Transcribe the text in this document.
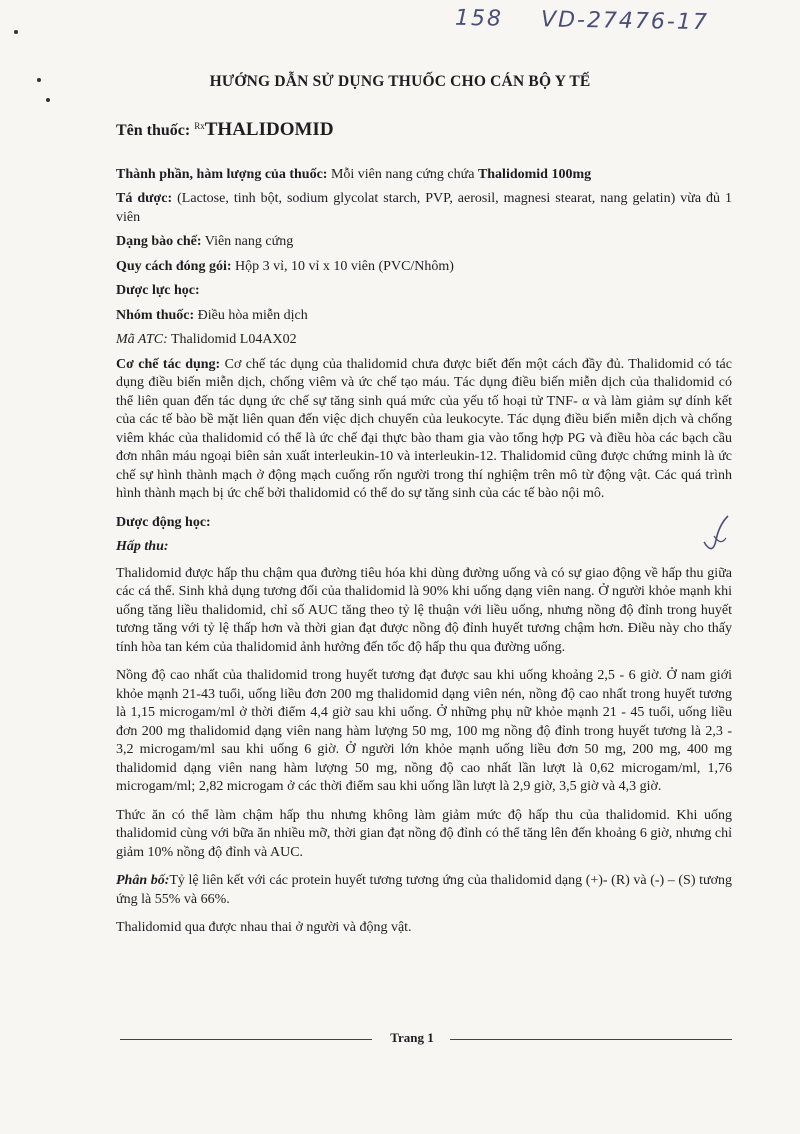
158 VD-27476-17
HƯỚNG DẪN SỬ DỤNG THUỐC CHO CÁN BỘ Y TẾ
Tên thuốc: $^{Rx}$THALIDOMID

Thành phần, hàm lượng của thuốc: Mỗi viên nang cứng chứa Thalidomid 100mg

Tá dược: (Lactose, tinh bột, sodium glycolat starch, PVP, aerosil, magnesi stearat, nang gelatin) vừa đủ 1 viên

Dạng bào chế: Viên nang cứng

Quy cách đóng gói: Hộp 3 vỉ, 10 vỉ x 10 viên (PVC/Nhôm)

Dược lực học:

Nhóm thuốc: Điều hòa miễn dịch

Mã ATC: Thalidomid L04AX02

Cơ chế tác dụng: Cơ chế tác dụng của thalidomid chưa được biết đến một cách đầy đủ. Thalidomid có tác dụng điều biến miễn dịch, chống viêm và ức chế tạo máu. Tác dụng điều biến miễn dịch của thalidomid có thể liên quan đến tác dụng ức chế sự tăng sinh quá mức của yếu tố hoại tử TNF- α và làm giảm sự dính kết của các tế bào bề mặt liên quan đến việc dịch chuyển của leukocyte. Tác dụng điều biến miễn dịch và chống viêm khác của thalidomid có thể là ức chế đại thực bào tham gia vào tổng hợp PG và điều hòa các bạch cầu đơn nhân máu ngoại biên sản xuất interleukin-10 và interleukin-12. Thalidomid cũng được chứng minh là ức chế sự hình thành mạch ở động mạch cuống rốn người trong thí nghiệm trên mô từ động vật. Các quá trình hình thành mạch bị ức chế bởi thalidomid có thể do sự tăng sinh của các tế bào nội mô.

Dược động học:

Hấp thu:

Thalidomid được hấp thu chậm qua đường tiêu hóa khi dùng đường uống và có sự giao động về hấp thu giữa các cá thể. Sinh khả dụng tương đối của thalidomid là 90% khi uống dạng viên nang. Ở người khỏe mạnh khi uống tăng liều thalidomid, chỉ số AUC tăng theo tỷ lệ thuận với liều uống, nhưng nồng độ đỉnh trong huyết tương tăng với tỷ lệ thấp hơn và thời gian đạt được nồng độ đỉnh huyết tương chậm hơn. Điều này cho thấy tính hòa tan kém của thalidomid ảnh hưởng đến tốc độ hấp thu qua đường uống.

Nồng độ cao nhất của thalidomid trong huyết tương đạt được sau khi uống khoảng 2,5 - 6 giờ. Ở nam giới khỏe mạnh 21-43 tuổi, uống liều đơn 200 mg thalidomid dạng viên nén, nồng độ cao nhất trong huyết tương là 1,15 microgam/ml ở thời điểm 4,4 giờ sau khi uống. Ở những phụ nữ khỏe mạnh 21 - 45 tuổi, uống liều đơn 200 mg thalidomid dạng viên nang hàm lượng 50 mg, 100 mg nồng độ đỉnh trong huyết tương là 2,3 - 3,2 microgam/ml sau khi uống 6 giờ. Ở người lớn khỏe mạnh uống liều đơn 50 mg, 200 mg, 400 mg thalidomid dạng viên nang hàm lượng 50 mg, nồng độ cao nhất lần lượt là 0,62 microgam/ml, 1,76 microgam/ml; 2,82 microgam ở các thời điểm sau khi uống lần lượt là 2,9 giờ, 3,5 giờ và 4,3 giờ.

Thức ăn có thể làm chậm hấp thu nhưng không làm giảm mức độ hấp thu của thalidomid. Khi uống thalidomid cùng với bữa ăn nhiều mỡ, thời gian đạt nồng độ đỉnh có thể tăng lên đến khoảng 6 giờ, nhưng chỉ giảm 10% nồng độ đỉnh và AUC.

Phân bố:Tỷ lệ liên kết với các protein huyết tương tương ứng của thalidomid dạng (+)- (R) và (-) – (S) tương ứng là 55% và 66%.

Thalidomid qua được nhau thai ở người và động vật.

Trang 1
